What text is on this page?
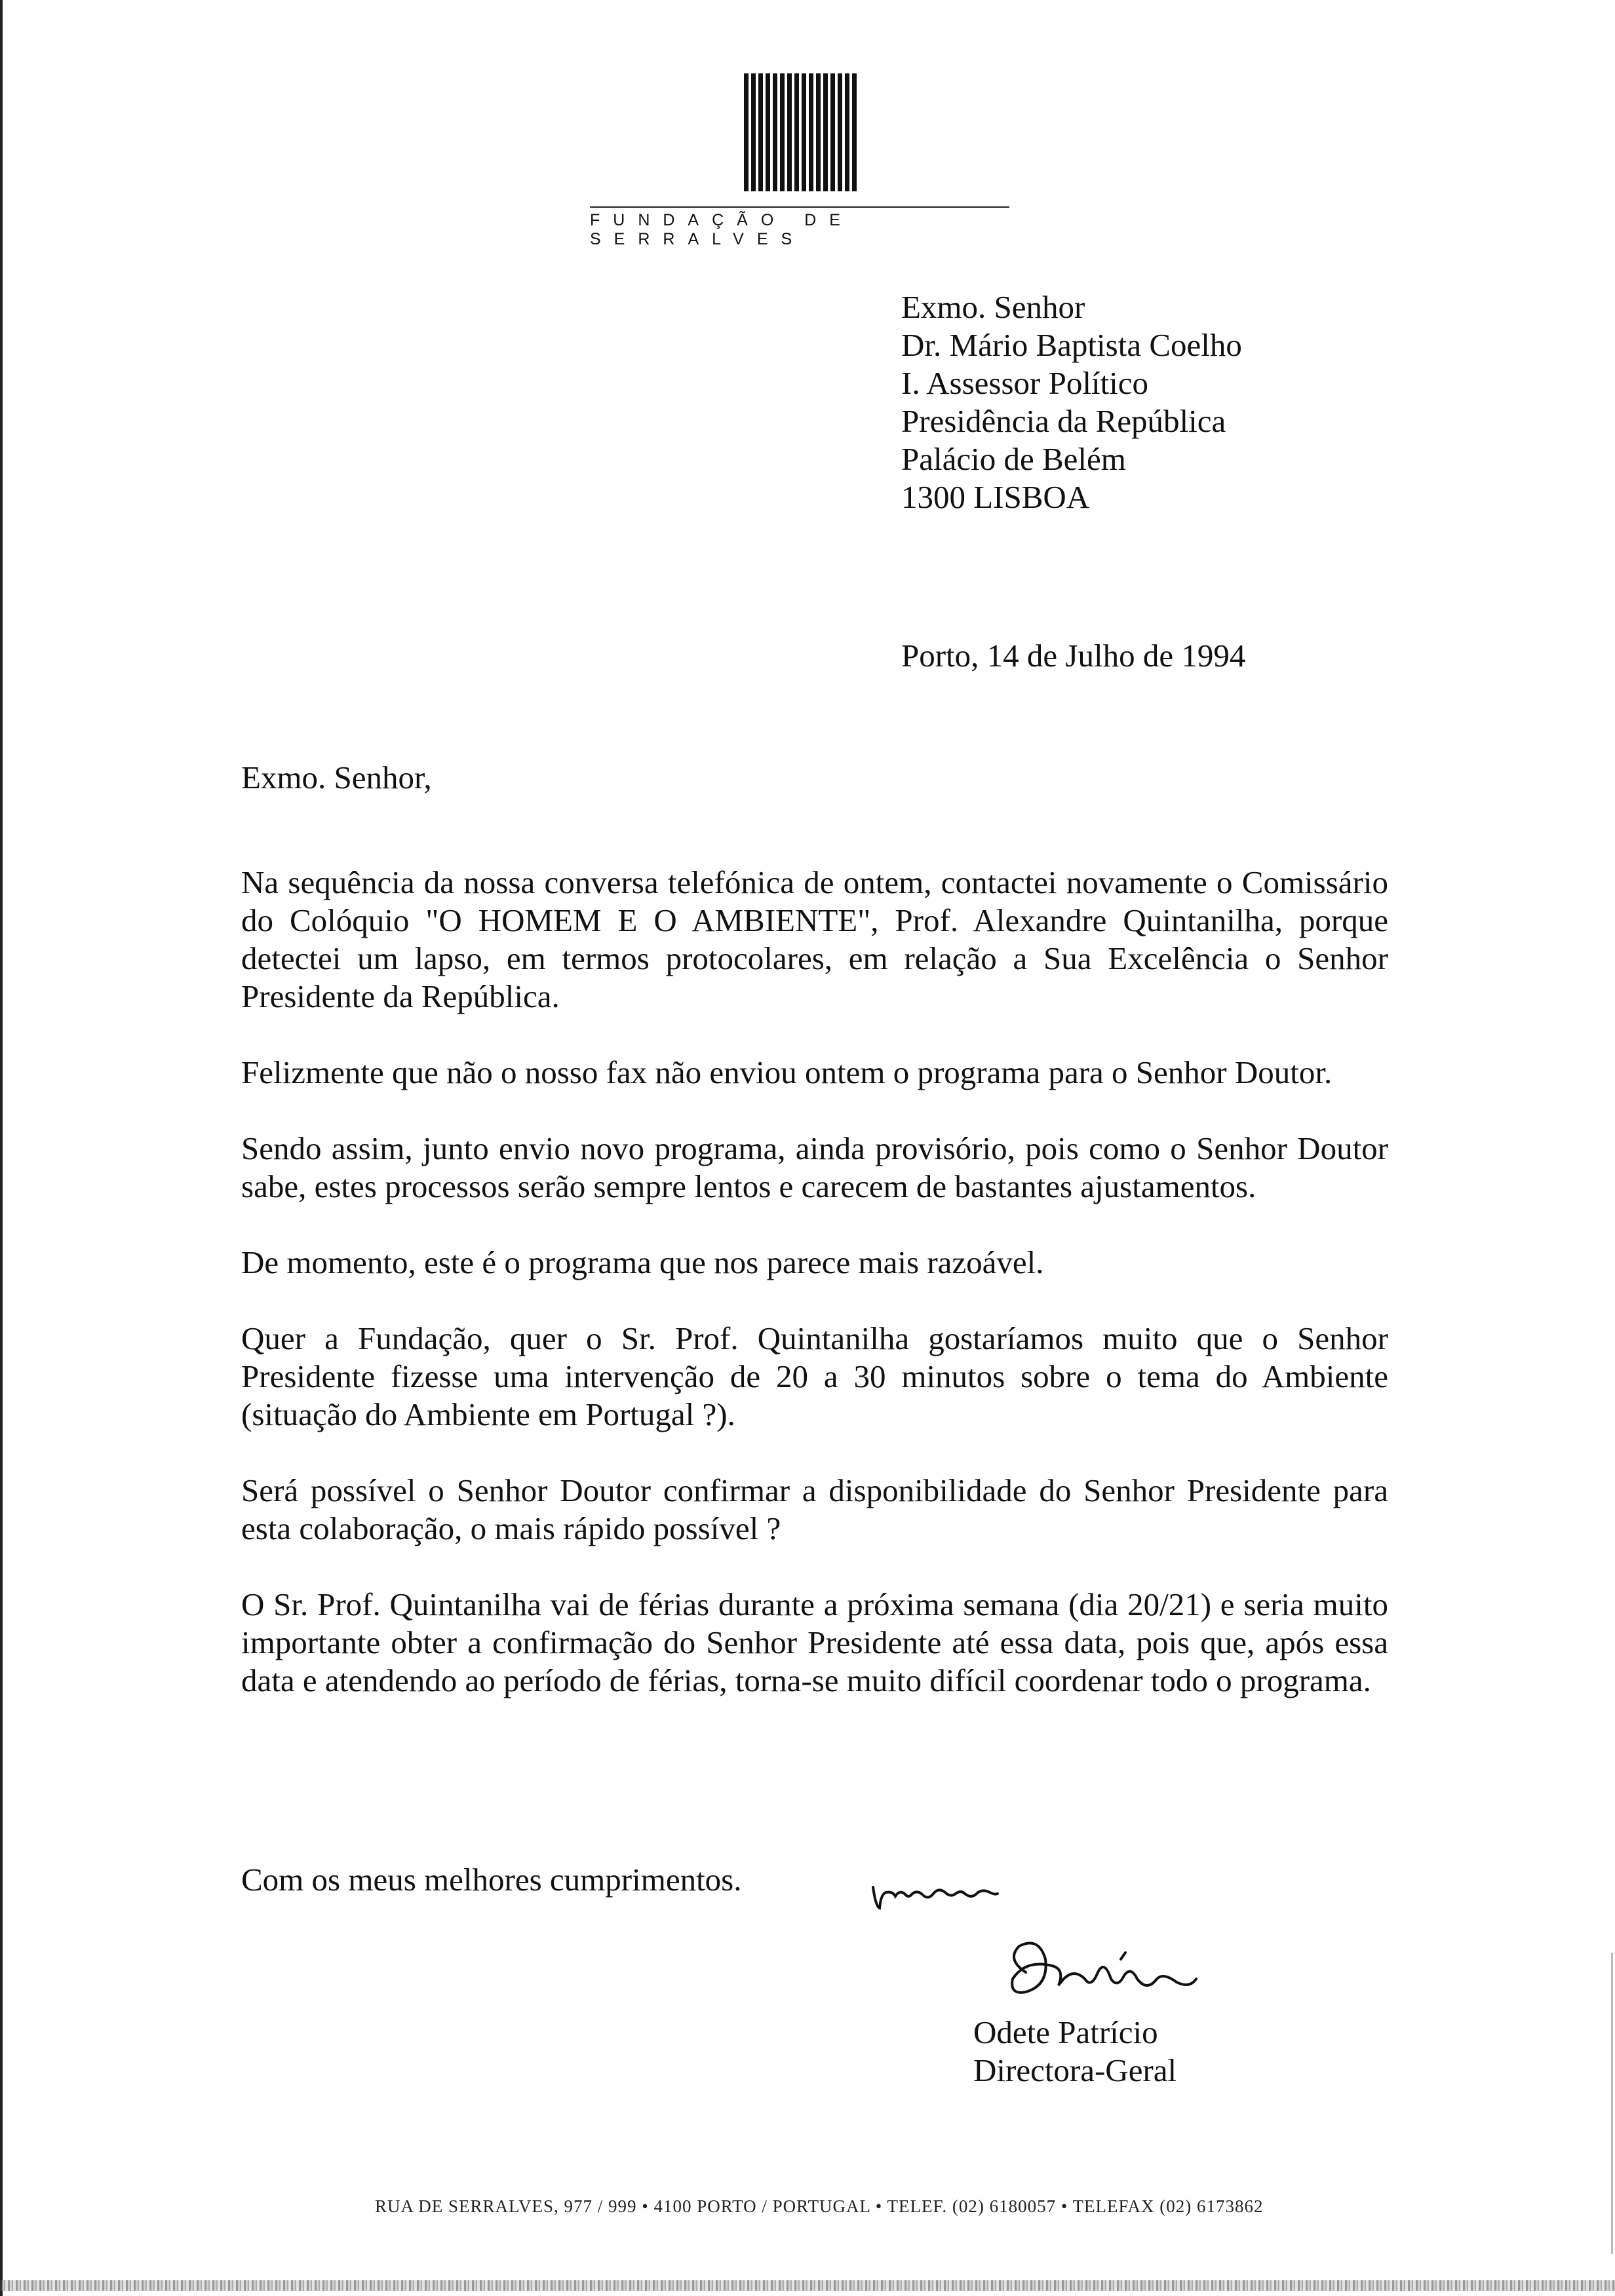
FUNDAÇÃO DE SERRALVES
Exmo. Senhor
Dr. Mário Baptista Coelho
I. Assessor Político
Presidência da República
Palácio de Belém
1300 LISBOA
Porto, 14 de Julho de 1994
Exmo. Senhor,

Na sequência da nossa conversa telefónica de ontem, contactei novamente o Comissário do Colóquio "O HOMEM E O AMBIENTE", Prof. Alexandre Quintanilha, porque detectei um lapso, em termos protocolares, em relação a Sua Excelência o Senhor Presidente da República.

Felizmente que não o nosso fax não enviou ontem o programa para o Senhor Doutor.

Sendo assim, junto envio novo programa, ainda provisório, pois como o Senhor Doutor sabe, estes processos serão sempre lentos e carecem de bastantes ajustamentos.

De momento, este é o programa que nos parece mais razoável.

Quer a Fundação, quer o Sr. Prof. Quintanilha gostaríamos muito que o Senhor Presidente fizesse uma intervenção de 20 a 30 minutos sobre o tema do Ambiente (situação do Ambiente em Portugal ?).

Será possível o Senhor Doutor confirmar a disponibilidade do Senhor Presidente para esta colaboração, o mais rápido possível ?

O Sr. Prof. Quintanilha vai de férias durante a próxima semana (dia 20/21) e seria muito importante obter a confirmação do Senhor Presidente até essa data, pois que, após essa data e atendendo ao período de férias, torna-se muito difícil coordenar todo o programa.

Com os meus melhores cumprimentos.
Odete Patrício
Directora-Geral
RUA DE SERRALVES, 977 / 999 • 4100 PORTO / PORTUGAL • TELEF. (02) 6180057 • TELEFAX (02) 6173862
